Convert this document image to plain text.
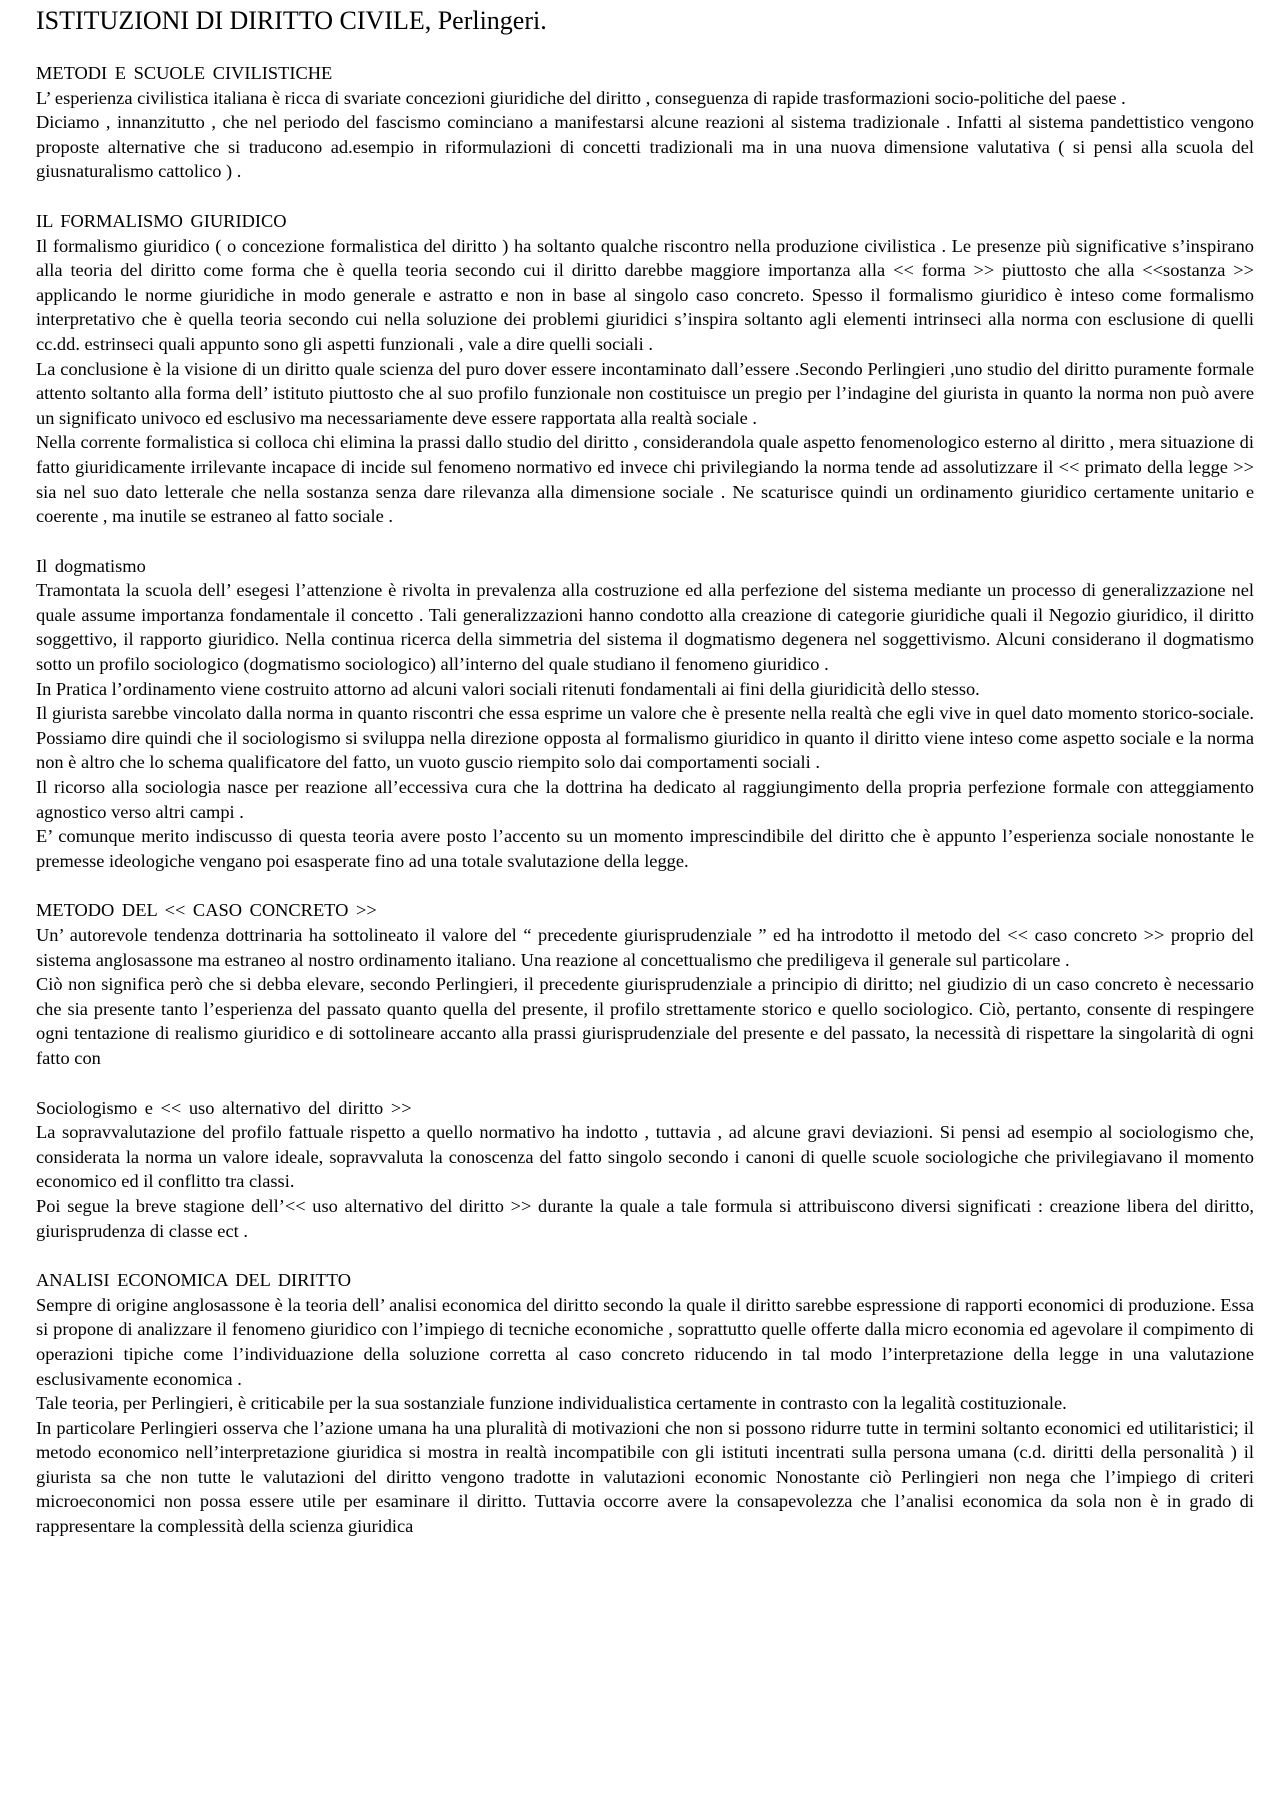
ISTITUZIONI DI DIRITTO CIVILE, Perlingeri.
METODI E SCUOLE CIVILISTICHE

L’ esperienza civilistica italiana è ricca di svariate concezioni giuridiche del diritto , conseguenza di rapide trasformazioni socio-politiche del paese .

Diciamo , innanzitutto , che nel periodo del fascismo cominciano a manifestarsi alcune reazioni al sistema tradizionale . Infatti al sistema pandettistico vengono proposte alternative che si traducono ad.esempio in riformulazioni di concetti tradizionali ma in una nuova dimensione valutativa ( si pensi alla scuola del giusnaturalismo cattolico ) .

IL FORMALISMO GIURIDICO

Il formalismo giuridico ( o concezione formalistica del diritto ) ha soltanto qualche riscontro nella produzione civilistica . Le presenze più significative s’inspirano alla teoria del diritto come forma che è quella teoria secondo cui il diritto darebbe maggiore importanza alla << forma >> piuttosto che alla <<sostanza >> applicando le norme giuridiche in modo generale e astratto e non in base al singolo caso concreto. Spesso il formalismo giuridico è inteso come formalismo interpretativo che è quella teoria secondo cui nella soluzione dei problemi giuridici s’inspira soltanto agli elementi intrinseci alla norma con esclusione di quelli cc.dd. estrinseci quali appunto sono gli aspetti funzionali , vale a dire quelli sociali .

La conclusione è la visione di un diritto quale scienza del puro dover essere incontaminato dall’essere .Secondo Perlingieri ,uno studio del diritto puramente formale attento soltanto alla forma dell’ istituto piuttosto che al suo profilo funzionale non costituisce un pregio per l’indagine del giurista in quanto la norma non può avere un significato univoco ed esclusivo ma necessariamente deve essere rapportata alla realtà sociale .

Nella corrente formalistica si colloca chi elimina la prassi dallo studio del diritto , considerandola quale aspetto fenomenologico esterno al diritto , mera situazione di fatto giuridicamente irrilevante incapace di incide sul fenomeno normativo ed invece chi privilegiando la norma tende ad assolutizzare il << primato della legge >> sia nel suo dato letterale che nella sostanza senza dare rilevanza alla dimensione sociale . Ne scaturisce quindi un ordinamento giuridico certamente unitario e coerente , ma inutile se estraneo al fatto sociale .

Il dogmatismo

Tramontata la scuola dell’ esegesi l’attenzione è rivolta in prevalenza alla costruzione ed alla perfezione del sistema mediante un processo di generalizzazione nel quale assume importanza fondamentale il concetto . Tali generalizzazioni hanno condotto alla creazione di categorie giuridiche quali il Negozio giuridico, il diritto soggettivo, il rapporto giuridico. Nella continua ricerca della simmetria del sistema il dogmatismo degenera nel soggettivismo. Alcuni considerano il dogmatismo sotto un profilo sociologico (dogmatismo sociologico) all’interno del quale studiano il fenomeno giuridico .

In Pratica l’ordinamento viene costruito attorno ad alcuni valori sociali ritenuti fondamentali ai fini della giuridicità dello stesso.

Il giurista sarebbe vincolato dalla norma in quanto riscontri che essa esprime un valore che è presente nella realtà che egli vive in quel dato momento storico-sociale. Possiamo dire quindi che il sociologismo si sviluppa nella direzione opposta al formalismo giuridico in quanto il diritto viene inteso come aspetto sociale e la norma non è altro che lo schema qualificatore del fatto, un vuoto guscio riempito solo dai comportamenti sociali .

Il ricorso alla sociologia nasce per reazione all’eccessiva cura che la dottrina ha dedicato al raggiungimento della propria perfezione formale con atteggiamento agnostico verso altri campi .

E’ comunque merito indiscusso di questa teoria avere posto l’accento su un momento imprescindibile del diritto che è appunto l’esperienza sociale nonostante le premesse ideologiche vengano poi esasperate fino ad una totale svalutazione della legge.

METODO DEL << CASO CONCRETO >>

Un’ autorevole tendenza dottrinaria ha sottolineato il valore del “ precedente giurisprudenziale ” ed ha introdotto il metodo del << caso concreto >> proprio del sistema anglosassone ma estraneo al nostro ordinamento italiano. Una reazione al concettualismo che prediligeva il generale sul particolare .

Ciò non significa però che si debba elevare, secondo Perlingieri, il precedente giurisprudenziale a principio di diritto; nel giudizio di un caso concreto è necessario che sia presente tanto l’esperienza del passato quanto quella del presente, il profilo strettamente storico e quello sociologico. Ciò, pertanto, consente di respingere ogni tentazione di realismo giuridico e di sottolineare accanto alla prassi giurisprudenziale del presente e del passato, la necessità di rispettare la singolarità di ogni fatto con

Sociologismo e << uso alternativo del diritto >>

La sopravvalutazione del profilo fattuale rispetto a quello normativo ha indotto , tuttavia , ad alcune gravi deviazioni. Si pensi ad esempio al sociologismo che, considerata la norma un valore ideale, sopravvaluta la conoscenza del fatto singolo secondo i canoni di quelle scuole sociologiche che privilegiavano il momento economico ed il conflitto tra classi.

Poi segue la breve stagione dell’<< uso alternativo del diritto >> durante la quale a tale formula si attribuiscono diversi significati : creazione libera del diritto, giurisprudenza di classe ect .

ANALISI ECONOMICA DEL DIRITTO

Sempre di origine anglosassone è la teoria dell’ analisi economica del diritto secondo la quale il diritto sarebbe espressione di rapporti economici di produzione. Essa si propone di analizzare il fenomeno giuridico con l’impiego di tecniche economiche , soprattutto quelle offerte dalla micro economia ed agevolare il compimento di operazioni tipiche come l’individuazione della soluzione corretta al caso concreto riducendo in tal modo l’interpretazione della legge in una valutazione esclusivamente economica .

Tale teoria, per Perlingieri, è criticabile per la sua sostanziale funzione individualistica certamente in contrasto con la legalità costituzionale.

In particolare Perlingieri osserva che l’azione umana ha una pluralità di motivazioni che non si possono ridurre tutte in termini soltanto economici ed utilitaristici; il metodo economico nell’interpretazione giuridica si mostra in realtà incompatibile con gli istituti incentrati sulla persona umana (c.d. diritti della personalità ) il giurista sa che non tutte le valutazioni del diritto vengono tradotte in valutazioni economic Nonostante ciò Perlingieri non nega che l’impiego di criteri microeconomici non possa essere utile per esaminare il diritto. Tuttavia occorre avere la consapevolezza che l’analisi economica da sola non è in grado di rappresentare la complessità della scienza giuridica
